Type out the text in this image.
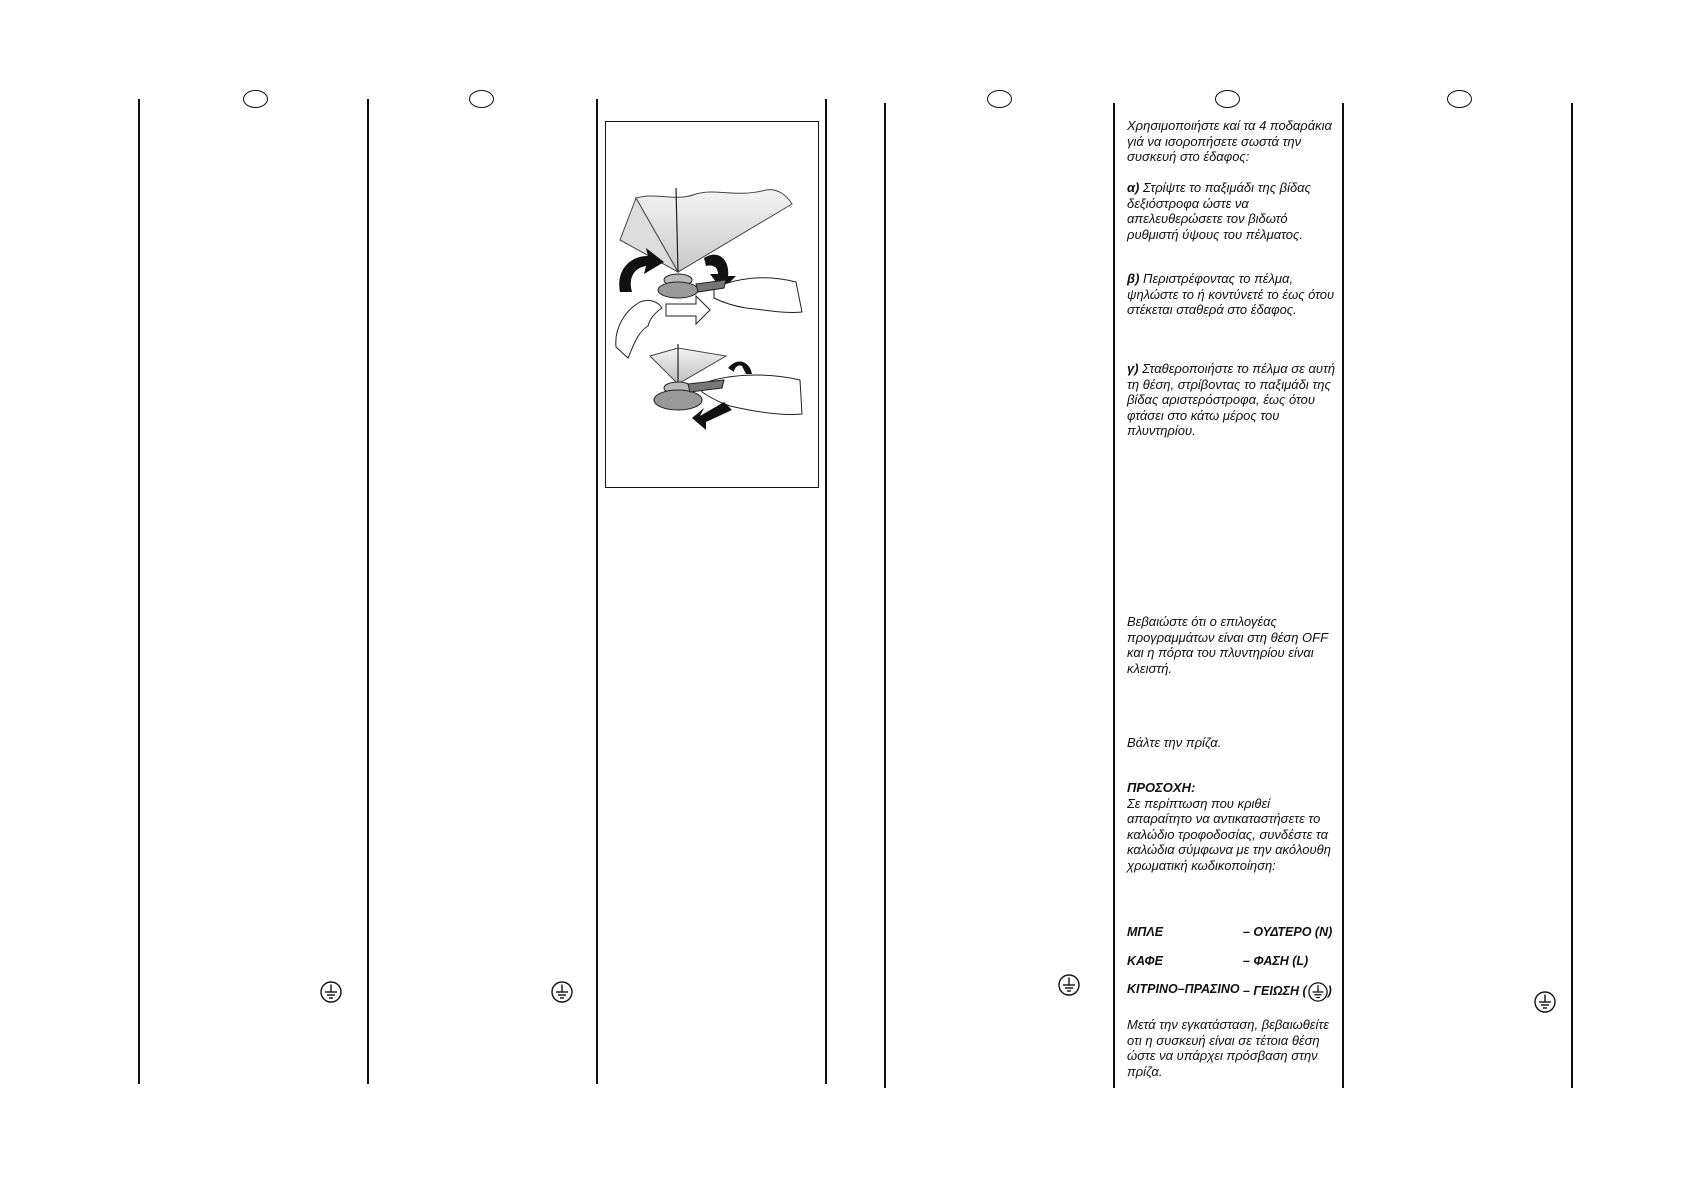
Χρησιμοποιήστε καί τα 4 ποδαράκια γιά να ισοροπήσετε σωστά την συσκευή στο έδαφος:

α) Στρίψτε το παξιμάδι της βίδας δεξιόστροφα ώστε να απελευθερώσετε τον βιδωτό ρυθμιστή ύψους του πέλματος.

β) Περιστρέφοντας το πέλμα, ψηλώστε το ή κοντύνετέ το έως ότου στέκεται σταθερά στο έδαφος.

γ) Σταθεροποιήστε το πέλμα σε αυτή τη θέση, στρίβοντας το παξιμάδι της βίδας αριστερόστροφα, έως ότου φτάσει στο κάτω μέρος του πλυντηρίου.

Βεβαιώστε ότι ο επιλογέας προγραμμάτων είναι στη θέση OFF και η πόρτα του πλυντηρίου είναι κλειστή.

Βάλτε την πρίζα.

ΠΡΟΣΟΧΗ:

Σε περίπτωση που κριθεί απαραίτητο να αντικαταστήσετε το καλώδιο τροφοδοσίας, συνδέστε τα καλώδια σύμφωνα με την ακόλουθη χρωματική κωδικοποίηση:

ΜΠΛΕ	– ΟΥΔΤΕΡΟ (N)
ΚΑΦΕ	– ΦΑΣΗ (L)
ΚΙΤΡΙΝΟ–ΠΡΑΣΙΝΟ – ΓΕΙΩΣΗ ( )

Μετά την εγκατάσταση, βεβαιωθείτε οτι η συσκευή είναι σε τέτοια θέση ώστε να υπάρχει πρόσβαση στην πρίζα.
